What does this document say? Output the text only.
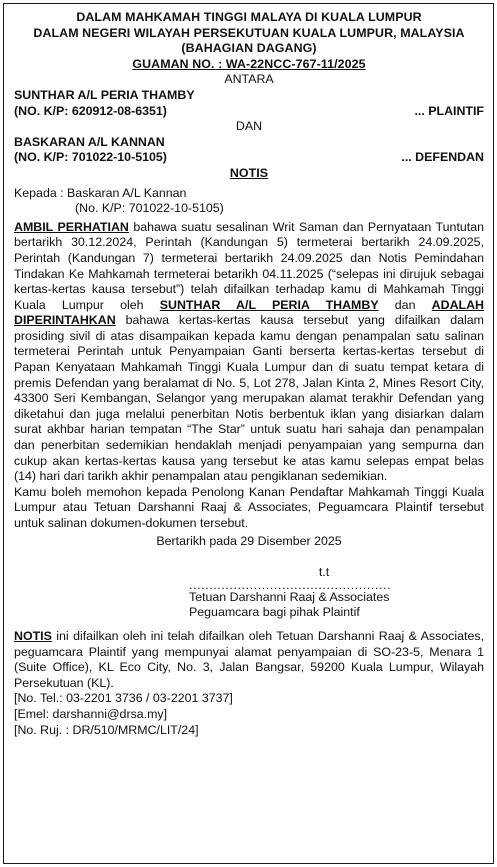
DALAM MAHKAMAH TINGGI MALAYA DI KUALA LUMPUR
DALAM NEGERI WILAYAH PERSEKUTUAN KUALA LUMPUR, MALAYSIA
(BAHAGIAN DAGANG)
GUAMAN NO. : WA-22NCC-767-11/2025
ANTARA
SUNTHAR A/L PERIA THAMBY
(NO. K/P: 620912-08-6351)	... PLAINTIF
DAN
BASKARAN A/L KANNAN
(NO. K/P: 701022-10-5105)	... DEFENDAN
NOTIS
Kepada : Baskaran A/L Kannan
(No. K/P: 701022-10-5105)

AMBIL PERHATIAN bahawa suatu sesalinan Writ Saman dan Pernyataan Tuntutan bertarikh 30.12.2024, Perintah (Kandungan 5) termeterai bertarikh 24.09.2025, Perintah (Kandungan 7) termeterai bertarikh 24.09.2025 dan Notis Pemindahan Tindakan Ke Mahkamah termeterai betarikh 04.11.2025 (“selepas ini dirujuk sebagai kertas-kertas kausa tersebut”) telah difailkan terhadap kamu di Mahkamah Tinggi Kuala Lumpur oleh SUNTHAR A/L PERIA THAMBY dan ADALAH DIPERINTAHKAN bahawa kertas-kertas kausa tersebut yang difailkan dalam prosiding sivil di atas disampaikan kepada kamu dengan penampalan satu salinan termeterai Perintah untuk Penyampaian Ganti berserta kertas-kertas tersebut di Papan Kenyataan Mahkamah Tinggi Kuala Lumpur dan di suatu tempat ketara di premis Defendan yang beralamat di No. 5, Lot 278, Jalan Kinta 2, Mines Resort City, 43300 Seri Kembangan, Selangor yang merupakan alamat terakhir Defendan yang diketahui dan juga melalui penerbitan Notis berbentuk iklan yang disiarkan dalam surat akhbar harian tempatan “The Star” untuk suatu hari sahaja dan penampalan dan penerbitan sedemikian hendaklah menjadi penyampaian yang sempurna dan cukup akan kertas-kertas kausa yang tersebut ke atas kamu selepas empat belas (14) hari dari tarikh akhir penampalan atau pengiklanan sedemikian.

Kamu boleh memohon kepada Penolong Kanan Pendaftar Mahkamah Tinggi Kuala Lumpur atau Tetuan Darshanni Raaj & Associates, Peguamcara Plaintif tersebut untuk salinan dokumen-dokumen tersebut.

Bertarikh pada 29 Disember 2025
t.t
..................................................
Tetuan Darshanni Raaj & Associates
Peguamcara bagi pihak Plaintif

NOTIS ini difailkan oleh ini telah difailkan oleh Tetuan Darshanni Raaj & Associates, peguamcara Plaintif yang mempunyai alamat penyampaian di SO-23-5, Menara 1 (Suite Office), KL Eco City, No. 3, Jalan Bangsar, 59200 Kuala Lumpur, Wilayah Persekutuan (KL).

[No. Tel.: 03-2201 3736 / 03-2201 3737]
[Emel: darshanni@drsa.my]
[No. Ruj. : DR/510/MRMC/LIT/24]
